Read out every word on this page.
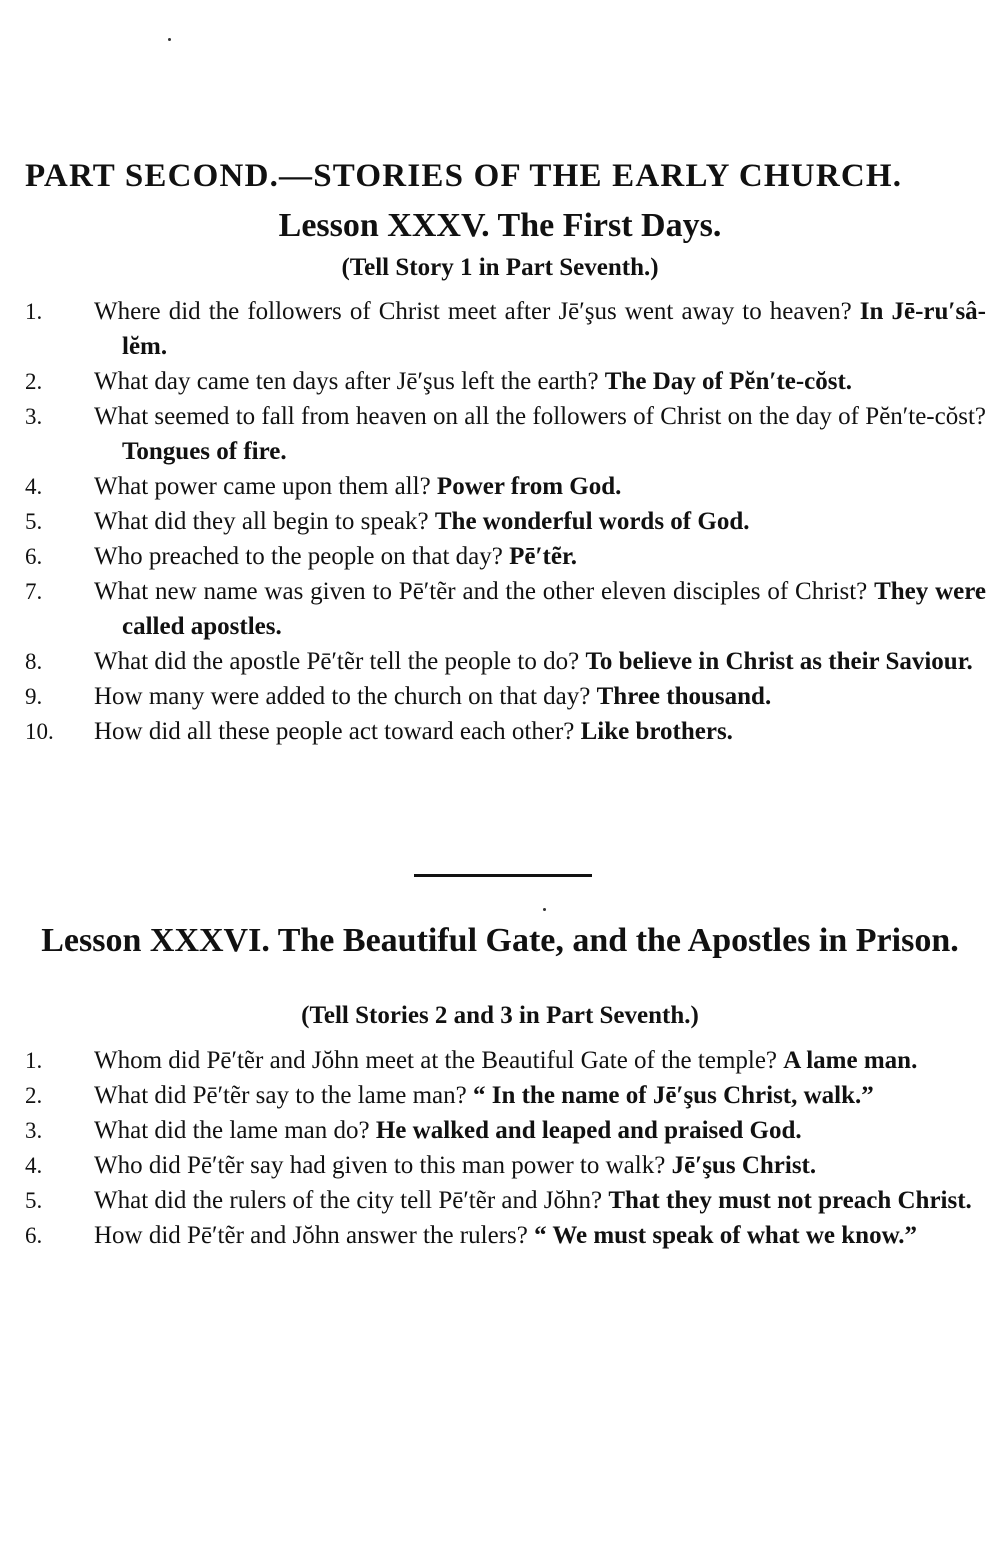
PART SECOND.—STORIES OF THE EARLY CHURCH.
Lesson XXXV. The First Days.
(Tell Story 1 in Part Seventh.)
1.	Where did the followers of Christ meet after Jē′şus went away to heaven? In Jē-ru′sâ-lĕm.
2.	What day came ten days after Jē′şus left the earth? The Day of Pĕn′te-cŏst.
3.	What seemed to fall from heaven on all the followers of Christ on the day of Pĕn′te-cŏst? Tongues of fire.
4.	What power came upon them all? Power from God.
5.	What did they all begin to speak? The wonderful words of God.
6.	Who preached to the people on that day? Pē′tẽr.
7.	What new name was given to Pē′tẽr and the other eleven disciples of Christ? They were called apostles.
8.	What did the apostle Pē′tẽr tell the people to do? To believe in Christ as their Saviour.
9.	How many were added to the church on that day? Three thousand.
10.	How did all these people act toward each other? Like brothers.
Lesson XXXVI. The Beautiful Gate, and the Apostles in Prison.
(Tell Stories 2 and 3 in Part Seventh.)
1.	Whom did Pē′tẽr and Jŏhn meet at the Beautiful Gate of the temple? A lame man.
2.	What did Pē′tẽr say to the lame man? “ In the name of Jē′şus Christ, walk.”
3.	What did the lame man do? He walked and leaped and praised God.
4.	Who did Pē′tẽr say had given to this man power to walk? Jē′şus Christ.
5.	What did the rulers of the city tell Pē′tẽr and Jŏhn? That they must not preach Christ.
6.	How did Pē′tẽr and Jŏhn answer the rulers? “ We must speak of what we know.”
